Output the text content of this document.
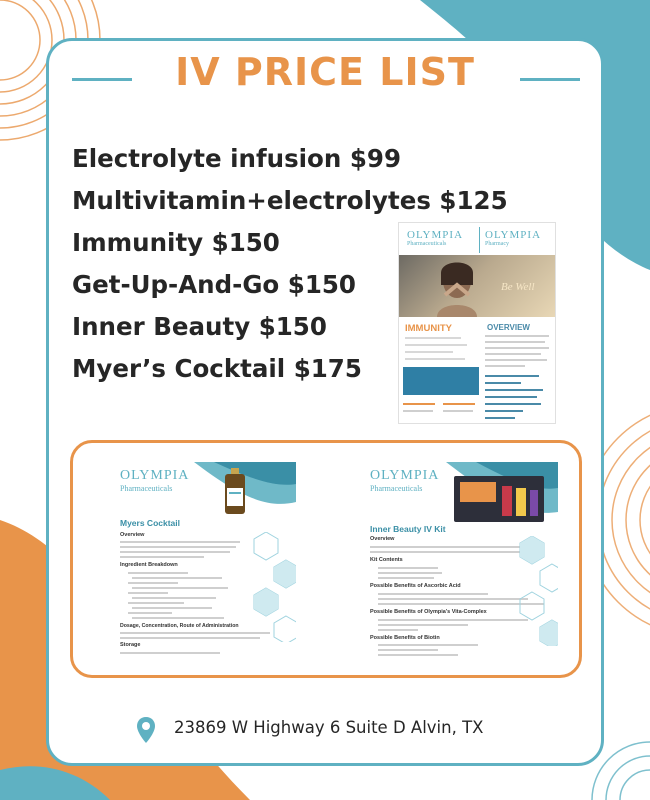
IV PRICE LIST
Electrolyte infusion $99
Multivitamin+electrolytes $125
Immunity $150
Get-Up-And-Go $150
Inner Beauty $150
Myer’s Cocktail $175
OLYMPIA
Pharmaceuticals
OLYMPIA
Pharmacy
Be Well
IMMUNITY	OVERVIEW
OLYMPIA
Pharmaceuticals
Myers Cocktail
Overview
Ingredient Breakdown
Dosage, Concentration, Route of Administration
Storage
OLYMPIA
Pharmaceuticals
Inner Beauty IV Kit
Overview
Kit Contents
Possible Benefits of Ascorbic Acid
Possible Benefits of Olympia's Vita-Complex
Possible Benefits of Biotin
23869 W Highway 6 Suite D Alvin, TX
